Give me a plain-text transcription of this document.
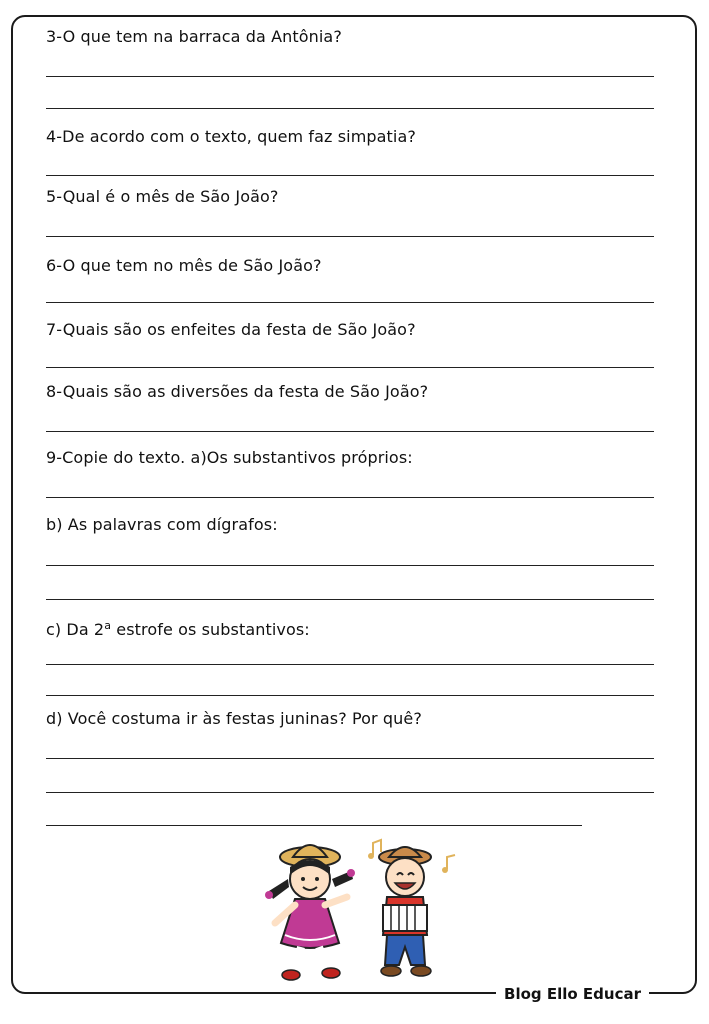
Blog Ello Educar
3-O que tem na barraca da Antônia?
4-De acordo com o texto, quem faz simpatia?
5-Qual é o mês de São João?
6-O que tem no mês de São João?
7-Quais são os enfeites da festa de São João?
8-Quais são as diversões da festa de São João?
9-Copie do texto. a)Os substantivos próprios:
b) As palavras com dígrafos:
c) Da 2$^a$ estrofe os substantivos:
d) Você costuma ir às festas juninas? Por quê?
